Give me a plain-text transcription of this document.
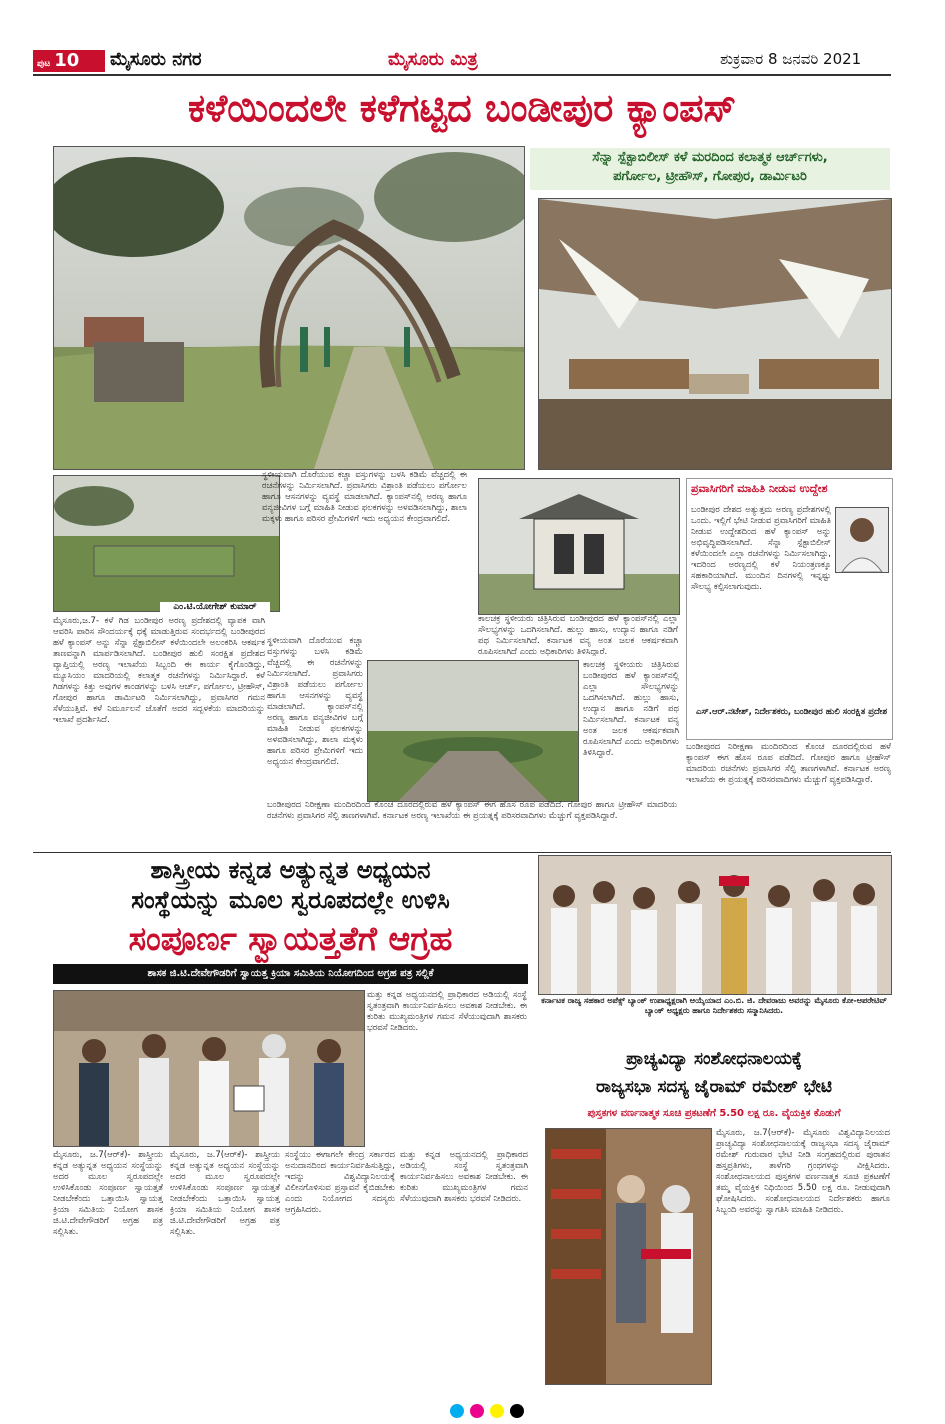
ಪುಟ 10	ಮೈಸೂರು ನಗರ	ಮೈಸೂರು ಮಿತ್ರ	ಶುಕ್ರವಾರ 8 ಜನವರಿ 2021
ಕಳೆಯಿಂದಲೇ ಕಳೆಗಟ್ಟಿದ ಬಂಡೀಪುರ ಕ್ಯಾಂಪಸ್
ಸೆನ್ನಾ ಸ್ಪೆಕ್ಟಾಬಿಲೀಸ್ ಕಳೆ ಮರದಿಂದ ಕಲಾತ್ಮಕ ಆರ್ಚ್‌ಗಳು,
ಪರ್ಗೋಲ, ಟ್ರೀಹೌಸ್, ಗೋಪುರ, ಡಾರ್ಮಿಟರಿ
ಎಂ.ಟಿ.ಯೋಗೇಶ್ ಕುಮಾರ್
ಮೈಸೂರು,ಜ.7- ಕಳೆ ಗಿಡ ಬಂಡೀಪುರ ಅರಣ್ಯ ಪ್ರದೇಶದಲ್ಲಿ ವ್ಯಾಪಕ ವಾಗಿ ಆವರಿಸಿ ಪಾರಿಸ ಸೌಂದರ್ಯಕ್ಕೆ ಧಕ್ಕೆ ಮಾಡುತ್ತಿರುವ ಸಂದರ್ಭದಲ್ಲಿ ಬಂಡೀಪುರದ ಹಳೆ ಕ್ಯಾಂಪಸ್ ಅನ್ನು ಸೆನ್ನಾ ಸ್ಪೆಕ್ಟಾಬಿಲೀಸ್ ಕಳೆಯಿಂದಲೇ ಅಲಂಕರಿಸಿ ಆಕರ್ಷಕ ತಾಣವನ್ನಾಗಿ ಮಾರ್ಪಡಿಸಲಾಗಿದೆ. ಬಂಡೀಪುರ ಹುಲಿ ಸಂರಕ್ಷಿತ ಪ್ರದೇಶದ ವ್ಯಾಪ್ತಿಯಲ್ಲಿ ಅರಣ್ಯ ಇಲಾಖೆಯ ಸಿಬ್ಬಂದಿ ಈ ಕಾರ್ಯ ಕೈಗೊಂಡಿದ್ದು, ಮ್ಯೂಸಿಯಂ ಮಾದರಿಯಲ್ಲಿ ಕಲಾತ್ಮಕ ರಚನೆಗಳನ್ನು ನಿರ್ಮಿಸಿದ್ದಾರೆ. ಕಳೆ ಗಿಡಗಳನ್ನು ಕಿತ್ತು ಅವುಗಳ ಕಾಂಡಗಳನ್ನು ಬಳಸಿ ಆರ್ಚ್, ಪರ್ಗೋಲ, ಟ್ರೀಹೌಸ್, ಗೋಪುರ ಹಾಗೂ ಡಾರ್ಮಿಟರಿ ನಿರ್ಮಿಸಲಾಗಿದ್ದು, ಪ್ರವಾಸಿಗರ ಗಮನ ಸೆಳೆಯುತ್ತಿವೆ. ಕಳೆ ನಿರ್ಮೂಲನೆ ಜೊತೆಗೆ ಅದರ ಸದ್ಬಳಕೆಯ ಮಾದರಿಯನ್ನು ಇಲಾಖೆ ಪ್ರದರ್ಶಿಸಿದೆ.
ಸ್ಥಳೀಯವಾಗಿ ದೊರೆಯುವ ಕಚ್ಚಾ ವಸ್ತುಗಳನ್ನು ಬಳಸಿ ಕಡಿಮೆ ವೆಚ್ಚದಲ್ಲಿ ಈ ರಚನೆಗಳನ್ನು ನಿರ್ಮಿಸಲಾಗಿದೆ. ಪ್ರವಾಸಿಗರು ವಿಶ್ರಾಂತಿ ಪಡೆಯಲು ಪರ್ಗೋಲ ಹಾಗೂ ಆಸನಗಳನ್ನು ವ್ಯವಸ್ಥೆ ಮಾಡಲಾಗಿದೆ. ಕ್ಯಾಂಪಸ್‌ನಲ್ಲಿ ಅರಣ್ಯ ಹಾಗೂ ವನ್ಯಜೀವಿಗಳ ಬಗ್ಗೆ ಮಾಹಿತಿ ನೀಡುವ ಫಲಕಗಳನ್ನು ಅಳವಡಿಸಲಾಗಿದ್ದು, ಶಾಲಾ ಮಕ್ಕಳು ಹಾಗೂ ಪರಿಸರ ಪ್ರೇಮಿಗಳಿಗೆ ಇದು ಅಧ್ಯಯನ ಕೇಂದ್ರವಾಗಲಿದೆ.
ಸ್ಥಳೀಯವಾಗಿ ದೊರೆಯುವ ಕಚ್ಚಾ ವಸ್ತುಗಳನ್ನು ಬಳಸಿ ಕಡಿಮೆ ವೆಚ್ಚದಲ್ಲಿ ಈ ರಚನೆಗಳನ್ನು ನಿರ್ಮಿಸಲಾಗಿದೆ. ಪ್ರವಾಸಿಗರು ವಿಶ್ರಾಂತಿ ಪಡೆಯಲು ಪರ್ಗೋಲ ಹಾಗೂ ಆಸನಗಳನ್ನು ವ್ಯವಸ್ಥೆ ಮಾಡಲಾಗಿದೆ. ಕ್ಯಾಂಪಸ್‌ನಲ್ಲಿ ಅರಣ್ಯ ಹಾಗೂ ವನ್ಯಜೀವಿಗಳ ಬಗ್ಗೆ ಮಾಹಿತಿ ನೀಡುವ ಫಲಕಗಳನ್ನು ಅಳವಡಿಸಲಾಗಿದ್ದು, ಶಾಲಾ ಮಕ್ಕಳು ಹಾಗೂ ಪರಿಸರ ಪ್ರೇಮಿಗಳಿಗೆ ಇದು ಅಧ್ಯಯನ ಕೇಂದ್ರವಾಗಲಿದೆ.
ಕಾಲಚಕ್ರ ಸ್ಥಳೀಯರು ಚಿತ್ರಿಸಿರುವ ಬಂಡೀಪುರದ ಹಳೆ ಕ್ಯಾಂಪಸ್‌ನಲ್ಲಿ ಎಲ್ಲಾ ಸೌಲಭ್ಯಗಳನ್ನು ಒದಗಿಸಲಾಗಿದೆ. ಹುಲ್ಲು ಹಾಸು, ಉದ್ಯಾನ ಹಾಗೂ ನಡಿಗೆ ಪಥ ನಿರ್ಮಿಸಲಾಗಿದೆ. ಕರ್ನಾಟಕ ವನ್ಯ ಅಂತ ಜಲಕ ಆಕರ್ಷಕವಾಗಿ ರೂಪಿಸಲಾಗಿದೆ ಎಂದು ಅಧಿಕಾರಿಗಳು ತಿಳಿಸಿದ್ದಾರೆ.
ಕಾಲಚಕ್ರ ಸ್ಥಳೀಯರು ಚಿತ್ರಿಸಿರುವ ಬಂಡೀಪುರದ ಹಳೆ ಕ್ಯಾಂಪಸ್‌ನಲ್ಲಿ ಎಲ್ಲಾ ಸೌಲಭ್ಯಗಳನ್ನು ಒದಗಿಸಲಾಗಿದೆ. ಹುಲ್ಲು ಹಾಸು, ಉದ್ಯಾನ ಹಾಗೂ ನಡಿಗೆ ಪಥ ನಿರ್ಮಿಸಲಾಗಿದೆ. ಕರ್ನಾಟಕ ವನ್ಯ ಅಂತ ಜಲಕ ಆಕರ್ಷಕವಾಗಿ ರೂಪಿಸಲಾಗಿದೆ ಎಂದು ಅಧಿಕಾರಿಗಳು ತಿಳಿಸಿದ್ದಾರೆ.
ಬಂಡೀಪುರದ ನಿರೀಕ್ಷಣಾ ಮಂದಿರದಿಂದ ಕೊಂಚ ದೂರದಲ್ಲಿರುವ ಹಳೆ ಕ್ಯಾಂಪಸ್ ಈಗ ಹೊಸ ರೂಪ ಪಡೆದಿದೆ. ಗೋಪುರ ಹಾಗೂ ಟ್ರೀಹೌಸ್ ಮಾದರಿಯ ರಚನೆಗಳು ಪ್ರವಾಸಿಗರ ಸೆಲ್ಫಿ ತಾಣಗಳಾಗಿವೆ. ಕರ್ನಾಟಕ ಅರಣ್ಯ ಇಲಾಖೆಯ ಈ ಪ್ರಯತ್ನಕ್ಕೆ ಪರಿಸರವಾದಿಗಳು ಮೆಚ್ಚುಗೆ ವ್ಯಕ್ತಪಡಿಸಿದ್ದಾರೆ.
ಪ್ರವಾಸಿಗರಿಗೆ ಮಾಹಿತಿ ನೀಡುವ ಉದ್ದೇಶ
ಬಂಡೀಪುರ ದೇಶದ ಅತ್ಯುತ್ತಮ ಅರಣ್ಯ ಪ್ರದೇಶಗಳಲ್ಲಿ ಒಂದು. ಇಲ್ಲಿಗೆ ಭೇಟಿ ನೀಡುವ ಪ್ರವಾಸಿಗರಿಗೆ ಮಾಹಿತಿ ನೀಡುವ ಉದ್ದೇಶದಿಂದ ಹಳೆ ಕ್ಯಾಂಪಸ್ ಅನ್ನು ಅಭಿವೃದ್ಧಿಪಡಿಸಲಾಗಿದೆ. ಸೆನ್ನಾ ಸ್ಪೆಕ್ಟಾಬಿಲೀಸ್ ಕಳೆಯಿಂದಲೇ ಎಲ್ಲಾ ರಚನೆಗಳನ್ನು ನಿರ್ಮಿಸಲಾಗಿದ್ದು, ಇದರಿಂದ ಅರಣ್ಯದಲ್ಲಿ ಕಳೆ ನಿಯಂತ್ರಣಕ್ಕೂ ಸಹಕಾರಿಯಾಗಿದೆ. ಮುಂದಿನ ದಿನಗಳಲ್ಲಿ ಇನ್ನಷ್ಟು ಸೌಲಭ್ಯ ಕಲ್ಪಿಸಲಾಗುವುದು.
ಎಸ್.ಆರ್.ನಟೇಶ್, ನಿರ್ದೇಶಕರು, ಬಂಡೀಪುರ ಹುಲಿ ಸಂರಕ್ಷಿತ ಪ್ರದೇಶ
ಬಂಡೀಪುರದ ನಿರೀಕ್ಷಣಾ ಮಂದಿರದಿಂದ ಕೊಂಚ ದೂರದಲ್ಲಿರುವ ಹಳೆ ಕ್ಯಾಂಪಸ್ ಈಗ ಹೊಸ ರೂಪ ಪಡೆದಿದೆ. ಗೋಪುರ ಹಾಗೂ ಟ್ರೀಹೌಸ್ ಮಾದರಿಯ ರಚನೆಗಳು ಪ್ರವಾಸಿಗರ ಸೆಲ್ಫಿ ತಾಣಗಳಾಗಿವೆ. ಕರ್ನಾಟಕ ಅರಣ್ಯ ಇಲಾಖೆಯ ಈ ಪ್ರಯತ್ನಕ್ಕೆ ಪರಿಸರವಾದಿಗಳು ಮೆಚ್ಚುಗೆ ವ್ಯಕ್ತಪಡಿಸಿದ್ದಾರೆ.
ಶಾಸ್ತ್ರೀಯ ಕನ್ನಡ ಅತ್ಯುನ್ನತ ಅಧ್ಯಯನ
ಸಂಸ್ಥೆಯನ್ನು ಮೂಲ ಸ್ವರೂಪದಲ್ಲೇ ಉಳಿಸಿ
ಸಂಪೂರ್ಣ ಸ್ವಾಯತ್ತತೆಗೆ ಆಗ್ರಹ
ಶಾಸಕ ಜಿ.ಟಿ.ದೇವೇಗೌಡರಿಗೆ ಸ್ವಾಯತ್ತ ಕ್ರಿಯಾ ಸಮಿತಿಯ ನಿಯೋಗದಿಂದ ಅಗ್ರಹ ಪತ್ರ ಸಲ್ಲಿಕೆ
ಮತ್ತು ಕನ್ನಡ ಅಧ್ಯಯನದಲ್ಲಿ ಪ್ರಾಧಿಕಾರದ ಅಡಿಯಲ್ಲಿ ಸಂಸ್ಥೆ ಸ್ವತಂತ್ರವಾಗಿ ಕಾರ್ಯನಿರ್ವಹಿಸಲು ಅವಕಾಶ ನೀಡಬೇಕು. ಈ ಕುರಿತು ಮುಖ್ಯಮಂತ್ರಿಗಳ ಗಮನ ಸೆಳೆಯುವುದಾಗಿ ಶಾಸಕರು ಭರವಸೆ ನೀಡಿದರು.
ಮೈಸೂರು, ಜ.7(ಆರ್‌ಕೆ)- ಶಾಸ್ತ್ರೀಯ ಕನ್ನಡ ಅತ್ಯುನ್ನತ ಅಧ್ಯಯನ ಸಂಸ್ಥೆಯನ್ನು ಅದರ ಮೂಲ ಸ್ವರೂಪದಲ್ಲೇ ಉಳಿಸಿಕೊಂಡು ಸಂಪೂರ್ಣ ಸ್ವಾಯತ್ತತೆ ನೀಡಬೇಕೆಂದು ಒತ್ತಾಯಿಸಿ ಸ್ವಾಯತ್ತ ಕ್ರಿಯಾ ಸಮಿತಿಯ ನಿಯೋಗ ಶಾಸಕ ಜಿ.ಟಿ.ದೇವೇಗೌಡರಿಗೆ ಅಗ್ರಹ ಪತ್ರ ಸಲ್ಲಿಸಿತು.
ಮೈಸೂರು, ಜ.7(ಆರ್‌ಕೆ)- ಶಾಸ್ತ್ರೀಯ ಕನ್ನಡ ಅತ್ಯುನ್ನತ ಅಧ್ಯಯನ ಸಂಸ್ಥೆಯನ್ನು ಅದರ ಮೂಲ ಸ್ವರೂಪದಲ್ಲೇ ಉಳಿಸಿಕೊಂಡು ಸಂಪೂರ್ಣ ಸ್ವಾಯತ್ತತೆ ನೀಡಬೇಕೆಂದು ಒತ್ತಾಯಿಸಿ ಸ್ವಾಯತ್ತ ಕ್ರಿಯಾ ಸಮಿತಿಯ ನಿಯೋಗ ಶಾಸಕ ಜಿ.ಟಿ.ದೇವೇಗೌಡರಿಗೆ ಅಗ್ರಹ ಪತ್ರ ಸಲ್ಲಿಸಿತು.
ಸಂಸ್ಥೆಯು ಈಗಾಗಲೇ ಕೇಂದ್ರ ಸರ್ಕಾರದ ಅನುದಾನದಿಂದ ಕಾರ್ಯನಿರ್ವಹಿಸುತ್ತಿದ್ದು, ಇದನ್ನು ವಿಶ್ವವಿದ್ಯಾನಿಲಯಕ್ಕೆ ವಿಲೀನಗೊಳಿಸುವ ಪ್ರಸ್ತಾವನೆ ಕೈಬಿಡಬೇಕು ಎಂದು ನಿಯೋಗದ ಸದಸ್ಯರು ಆಗ್ರಹಿಸಿದರು.
ಮತ್ತು ಕನ್ನಡ ಅಧ್ಯಯನದಲ್ಲಿ ಪ್ರಾಧಿಕಾರದ ಅಡಿಯಲ್ಲಿ ಸಂಸ್ಥೆ ಸ್ವತಂತ್ರವಾಗಿ ಕಾರ್ಯನಿರ್ವಹಿಸಲು ಅವಕಾಶ ನೀಡಬೇಕು. ಈ ಕುರಿತು ಮುಖ್ಯಮಂತ್ರಿಗಳ ಗಮನ ಸೆಳೆಯುವುದಾಗಿ ಶಾಸಕರು ಭರವಸೆ ನೀಡಿದರು.
ಕರ್ನಾಟಕ ರಾಜ್ಯ ಸಹಕಾರ ಅಪೆಕ್ಸ್ ಬ್ಯಾಂಕ್ ಉಪಾಧ್ಯಕ್ಷರಾಗಿ ಆಯ್ಕೆಯಾದ ಎಂ.ಬಿ. ಜಿ. ದೇವರಾಜು ಅವರನ್ನು ಮೈಸೂರು ಕೋ-ಆಪರೇಟಿವ್ ಬ್ಯಾಂಕ್ ಅಧ್ಯಕ್ಷರು ಹಾಗೂ ನಿರ್ದೇಶಕರು ಸನ್ಮಾನಿಸಿದರು.
ಪ್ರಾಚ್ಯವಿದ್ಯಾ ಸಂಶೋಧನಾಲಯಕ್ಕೆ
ರಾಜ್ಯಸಭಾ ಸದಸ್ಯ ಜೈರಾಮ್ ರಮೇಶ್ ಭೇಟಿ
ಪುಸ್ತಕಗಳ ವರ್ಣನಾತ್ಮಕ ಸೂಚಿ ಪ್ರಕಟಣೆಗೆ 5.50 ಲಕ್ಷ ರೂ. ವೈಯಕ್ತಿಕ ಕೊಡುಗೆ
ಮೈಸೂರು, ಜ.7(ಆರ್‌ಕೆ)- ಮೈಸೂರು ವಿಶ್ವವಿದ್ಯಾನಿಲಯದ ಪ್ರಾಚ್ಯವಿದ್ಯಾ ಸಂಶೋಧನಾಲಯಕ್ಕೆ ರಾಜ್ಯಸಭಾ ಸದಸ್ಯ ಜೈರಾಮ್ ರಮೇಶ್ ಗುರುವಾರ ಭೇಟಿ ನೀಡಿ ಸಂಗ್ರಹದಲ್ಲಿರುವ ಪುರಾತನ ಹಸ್ತಪ್ರತಿಗಳು, ತಾಳೆಗರಿ ಗ್ರಂಥಗಳನ್ನು ವೀಕ್ಷಿಸಿದರು. ಸಂಶೋಧನಾಲಯದ ಪುಸ್ತಕಗಳ ವರ್ಣನಾತ್ಮಕ ಸೂಚಿ ಪ್ರಕಟಣೆಗೆ ತಮ್ಮ ವೈಯಕ್ತಿಕ ನಿಧಿಯಿಂದ 5.50 ಲಕ್ಷ ರೂ. ನೀಡುವುದಾಗಿ ಘೋಷಿಸಿದರು. ಸಂಶೋಧನಾಲಯದ ನಿರ್ದೇಶಕರು ಹಾಗೂ ಸಿಬ್ಬಂದಿ ಅವರನ್ನು ಸ್ವಾಗತಿಸಿ ಮಾಹಿತಿ ನೀಡಿದರು.
